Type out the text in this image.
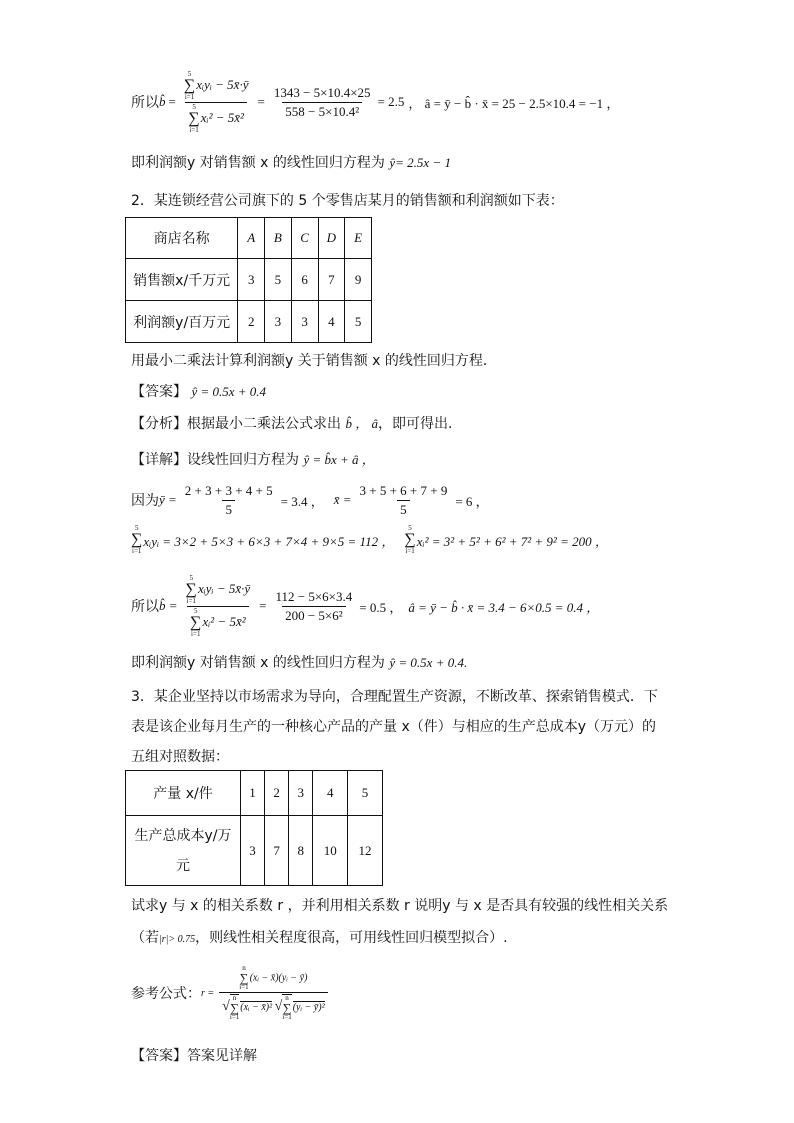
所以 b̂ = 5
∑
i=1
xᵢyᵢ − 5x̄·ȳ
5
∑
i=1
xᵢ² − 5x̄² = $\frac{1343 - 5\times 10.4\times 25}{\text{558 − 5×10.4²}} = 2.5$ ， â = ȳ − b̂ · x̄ = 25 − 2.5×10.4 = −1 ，
即利润额y 对销售额 x 的线性回归方程为 ŷ= 2.5x − 1
2．某连锁经营公司旗下的 5 个零售店某月的销售额和利润额如下表：
商店名称	A	B	C	D	E
销售额x/千万元	3	5	6	7	9
利润额y/百万元	2	3	3	4	5
用最小二乘法计算利润额y 关于销售额 x 的线性回归方程．
【答案】 ŷ = 0.5x + 0.4
【分析】根据最小二乘法公式求出 b̂ ， â，即可得出.
【详解】设线性回归方程为 ŷ = b̂x + â ，
因为 ȳ = $\frac{2 + 3 + 3 + 4 + 5}{5} = 3.4$ ， x̄ = $\frac{3 + 5 + 6 + 7 + 9}{5} = 6$ ，
5
∑
i=1
xᵢyᵢ = 3×2 + 5×3 + 6×3 + 7×4 + 9×5 = 112 ，
5
∑
i=1
xᵢ² = 3² + 5² + 6² + 7² + 9² = 200 ，
所以 b̂ = 5
∑
i=1
xᵢyᵢ − 5x̄·ȳ
5
∑
i=1
xᵢ² − 5x̄² = $\frac{112 - 5\times 6\times 3.4}{\text{200 − 5×6²}} = 0.5$ ， â = ȳ − b̂ · x̄ = 3.4 − 6×0.5 = 0.4 ，
即利润额y 对销售额 x 的线性回归方程为 ŷ = 0.5x + 0.4.
3．某企业坚持以市场需求为导向，合理配置生产资源，不断改革、探索销售模式．下
表是该企业每月生产的一种核心产品的产量 x（件）与相应的生产总成本y（万元）的
五组对照数据：
产量 x/件	1	2	3	4	5
生产总成本y/万
元	3	7	8	10	12
试求y 与 x 的相关系数 r ，并利用相关系数 r 说明y 与 x 是否具有较强的线性相关关系
（若|r|> 0.75，则线性相关程度很高，可用线性回归模型拟合）.
参考公式： r = n
∑
i=1
(xᵢ − x̄)(yᵢ − ȳ)
√
n
∑
i=1
(xᵢ − x̄)² √
n
∑
i=1
(yᵢ − ȳ)²
【答案】答案见详解
